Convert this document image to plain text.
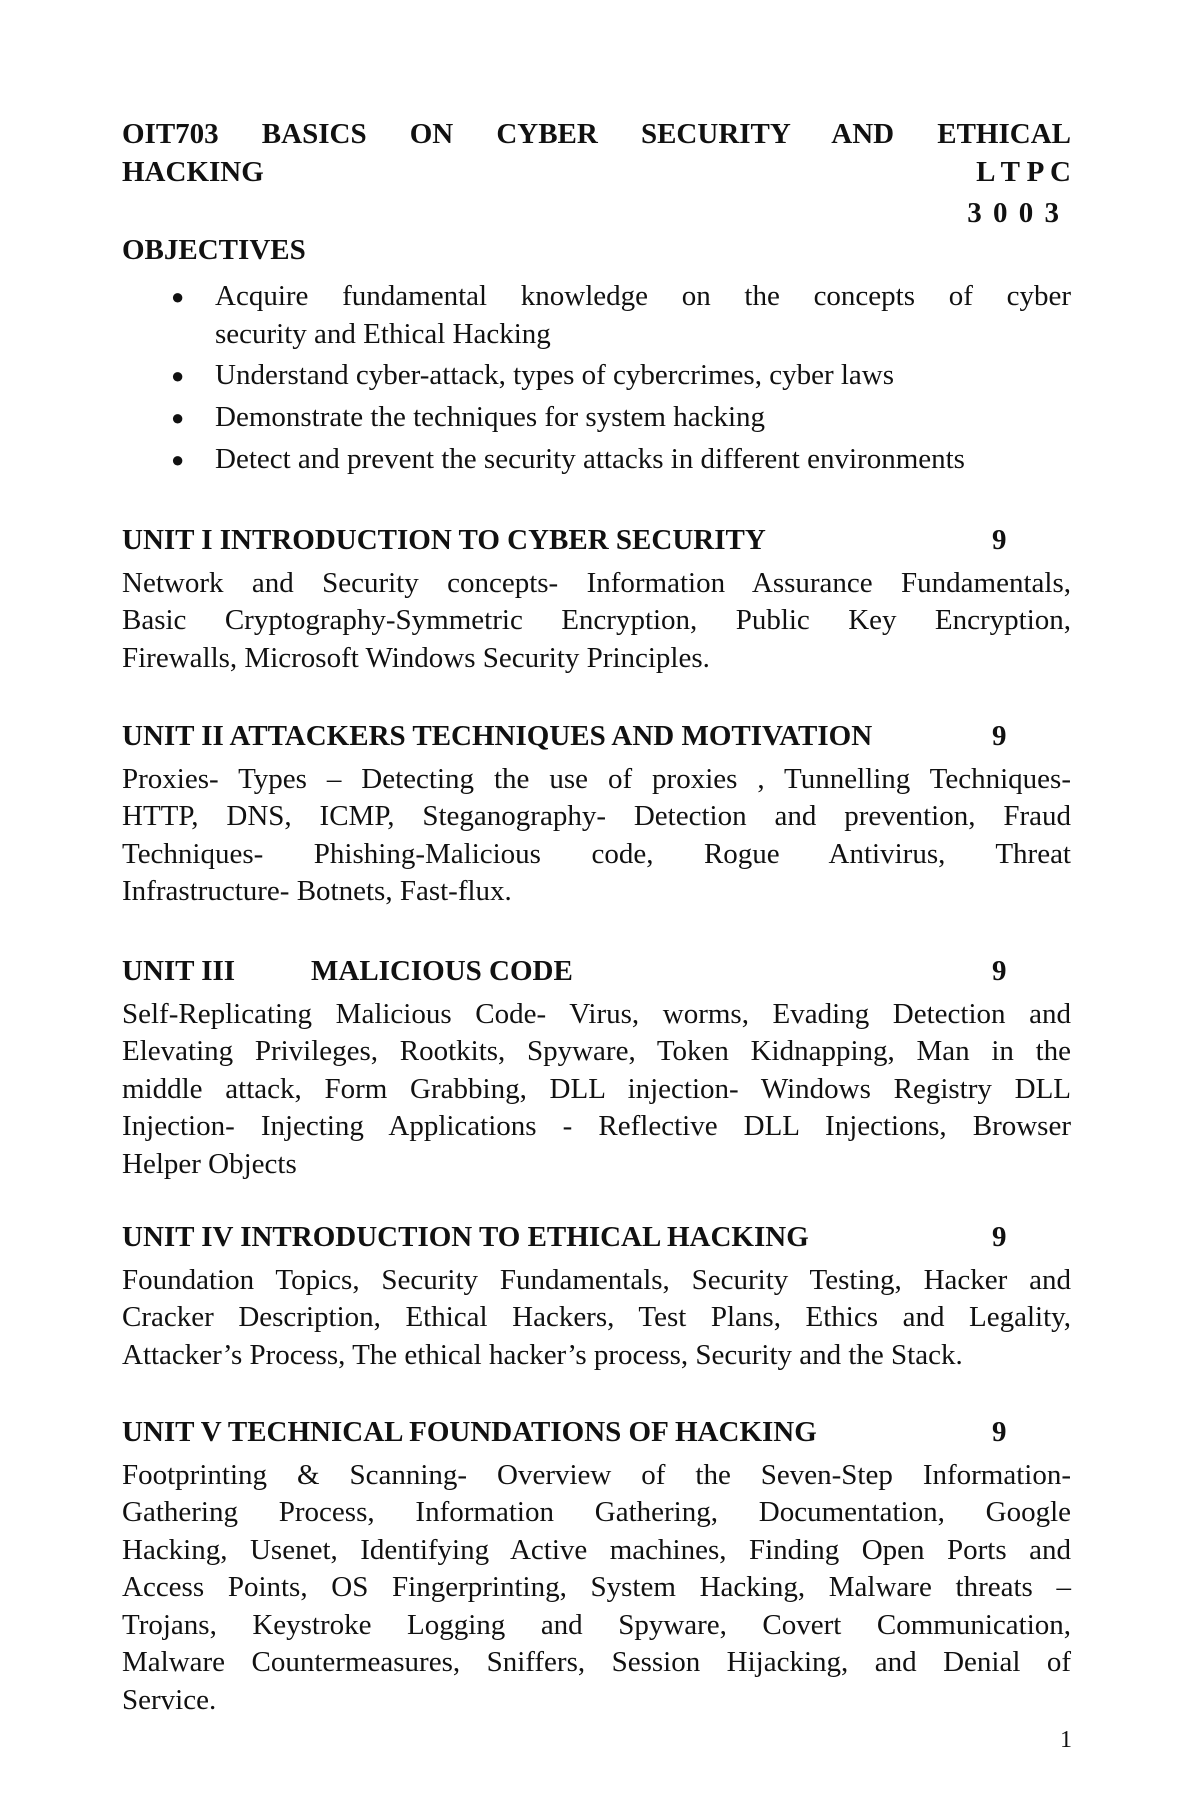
OIT703 BASICS ON CYBER SECURITY AND ETHICAL
HACKING	L T P C
3 0 0 3
OBJECTIVES
● Acquire fundamental knowledge on the concepts of cyber
security and Ethical Hacking
● Understand cyber-attack, types of cybercrimes, cyber laws
● Demonstrate the techniques for system hacking
● Detect and prevent the security attacks in different environments
UNIT I INTRODUCTION TO CYBER SECURITY	9
Network and Security concepts- Information Assurance Fundamentals,
Basic Cryptography-Symmetric Encryption, Public Key Encryption,
Firewalls, Microsoft Windows Security Principles.
UNIT II ATTACKERS TECHNIQUES AND MOTIVATION	9
Proxies- Types – Detecting the use of proxies , Tunnelling Techniques-
HTTP, DNS, ICMP, Steganography- Detection and prevention, Fraud
Techniques- Phishing-Malicious code, Rogue Antivirus, Threat
Infrastructure- Botnets, Fast-flux.
UNIT III	MALICIOUS CODE	9
Self-Replicating Malicious Code- Virus, worms, Evading Detection and
Elevating Privileges, Rootkits, Spyware, Token Kidnapping, Man in the
middle attack, Form Grabbing, DLL injection- Windows Registry DLL
Injection- Injecting Applications - Reflective DLL Injections, Browser
Helper Objects
UNIT IV INTRODUCTION TO ETHICAL HACKING	9
Foundation Topics, Security Fundamentals, Security Testing, Hacker and
Cracker Description, Ethical Hackers, Test Plans, Ethics and Legality,
Attacker’s Process, The ethical hacker’s process, Security and the Stack.
UNIT V TECHNICAL FOUNDATIONS OF HACKING	9
Footprinting & Scanning- Overview of the Seven-Step Information-
Gathering Process, Information Gathering, Documentation, Google
Hacking, Usenet, Identifying Active machines, Finding Open Ports and
Access Points, OS Fingerprinting, System Hacking, Malware threats –
Trojans, Keystroke Logging and Spyware, Covert Communication,
Malware Countermeasures, Sniffers, Session Hijacking, and Denial of
Service.
1
